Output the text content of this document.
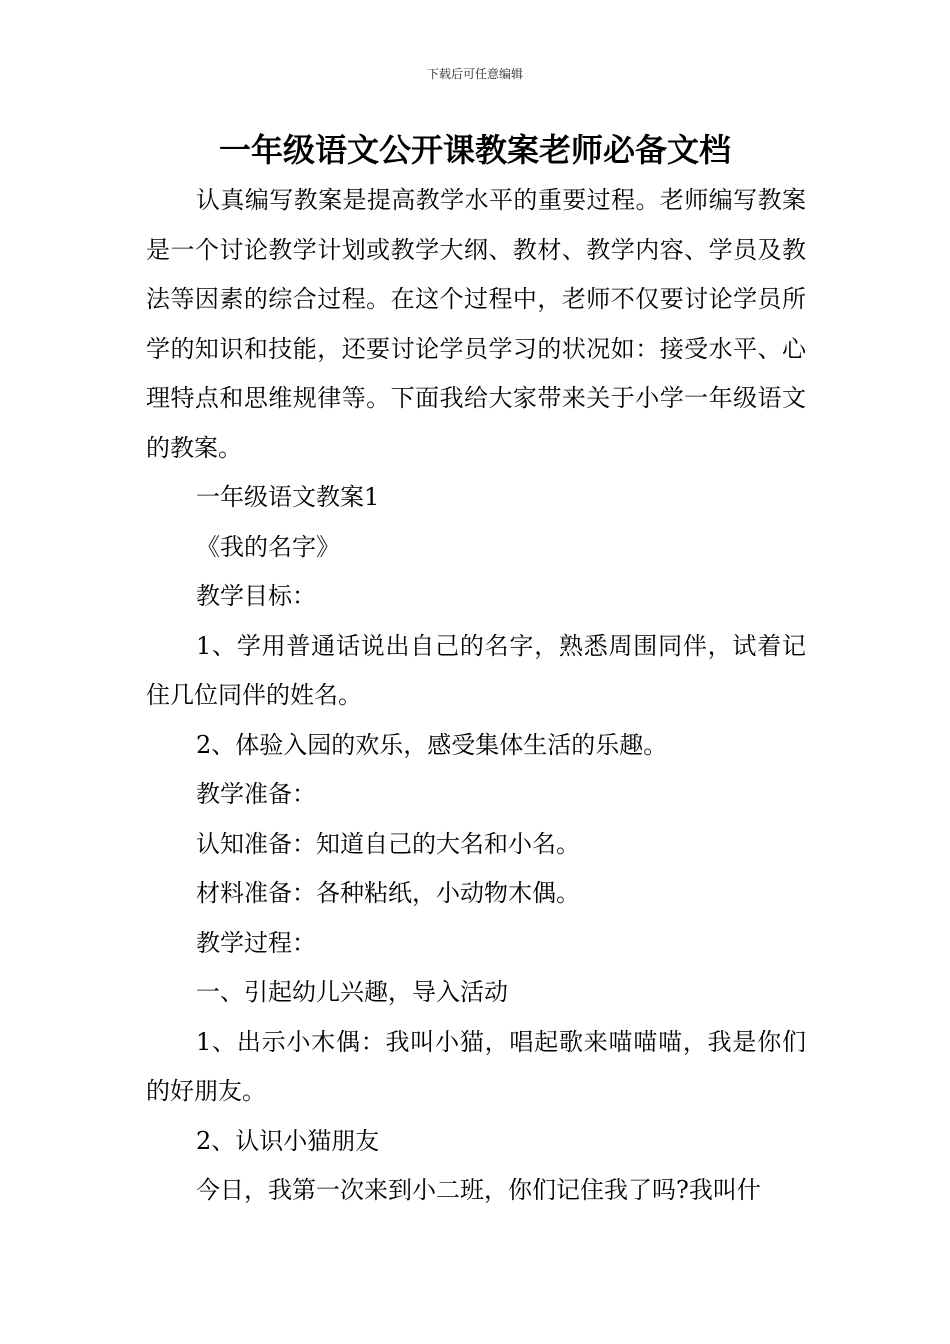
下载后可任意编辑
一年级语文公开课教案老师必备文档

认真编写教案是提高教学水平的重要过程。老师编写教案是一个讨论教学计划或教学大纲、教材、教学内容、学员及教法等因素的综合过程。在这个过程中，老师不仅要讨论学员所学的知识和技能，还要讨论学员学习的状况如：接受水平、心理特点和思维规律等。下面我给大家带来关于小学一年级语文的教案。

一年级语文教案1

《我的名字》

教学目标：

1、学用普通话说出自己的名字，熟悉周围同伴，试着记住几位同伴的姓名。

2、体验入园的欢乐，感受集体生活的乐趣。

教学准备：

认知准备：知道自己的大名和小名。

材料准备：各种粘纸，小动物木偶。

教学过程：

一、引起幼儿兴趣，导入活动

1、出示小木偶：我叫小猫，唱起歌来喵喵喵，我是你们的好朋友。

2、认识小猫朋友

今日，我第一次来到小二班，你们记住我了吗?我叫什
